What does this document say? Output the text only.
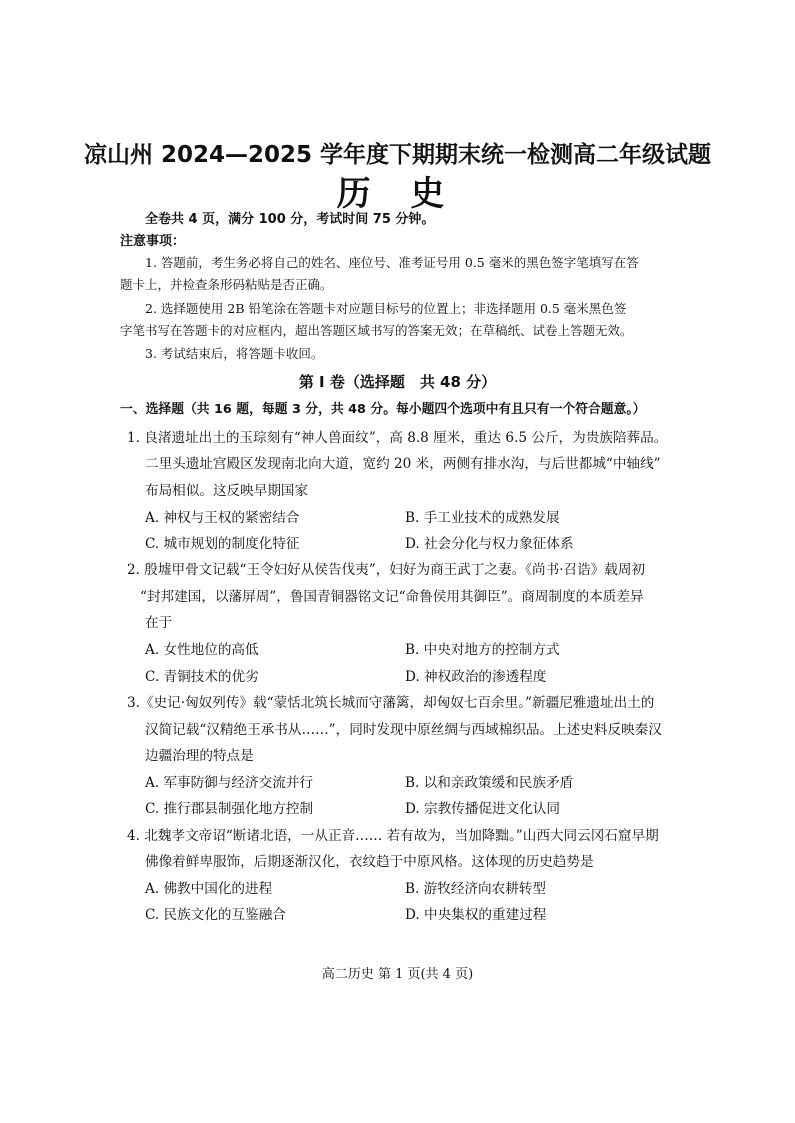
凉山州 2024—2025 学年度下期期末统一检测高二年级试题
历 史
全卷共 4 页，满分 100 分，考试时间 75 分钟。
注意事项：
1. 答题前，考生务必将自己的姓名、座位号、准考证号用 0.5 毫米的黑色签字笔填写在答
题卡上，并检查条形码粘贴是否正确。
2. 选择题使用 2B 铅笔涂在答题卡对应题目标号的位置上；非选择题用 0.5 毫米黑色签
字笔书写在答题卡的对应框内，超出答题区域书写的答案无效；在草稿纸、试卷上答题无效。
3. 考试结束后，将答题卡收回。
第 Ⅰ 卷（选择题　共 48 分）
一、选择题（共 16 题，每题 3 分，共 48 分。每小题四个选项中有且只有一个符合题意。）
1. 良渚遗址出土的玉琮刻有“神人兽面纹”，高 8.8 厘米，重达 6.5 公斤，为贵族陪葬品。
二里头遗址宫殿区发现南北向大道，宽约 20 米，两侧有排水沟，与后世都城“中轴线”
布局相似。这反映早期国家
A. 神权与王权的紧密结合	B. 手工业技术的成熟发展
C. 城市规划的制度化特征	D. 社会分化与权力象征体系
2. 殷墟甲骨文记载“王令妇好从侯告伐夷”，妇好为商王武丁之妻。《尚书·召诰》载周初
“封邦建国，以藩屏周”，鲁国青铜器铭文记“命鲁侯用其御臣”。商周制度的本质差异
在于
A. 女性地位的高低	B. 中央对地方的控制方式
C. 青铜技术的优劣	D. 神权政治的渗透程度
3.《史记·匈奴列传》载“蒙恬北筑长城而守藩篱，却匈奴七百余里。”新疆尼雅遗址出土的
汉简记载“汉精绝王承书从……”，同时发现中原丝绸与西域棉织品。上述史料反映秦汉
边疆治理的特点是
A. 军事防御与经济交流并行	B. 以和亲政策缓和民族矛盾
C. 推行郡县制强化地方控制	D. 宗教传播促进文化认同
4. 北魏孝文帝诏“断诸北语，一从正音…… 若有故为，当加降黜。”山西大同云冈石窟早期
佛像着鲜卑服饰，后期逐渐汉化，衣纹趋于中原风格。这体现的历史趋势是
A. 佛教中国化的进程	B. 游牧经济向农耕转型
C. 民族文化的互鉴融合	D. 中央集权的重建过程
高二历史 第 1 页(共 4 页)
